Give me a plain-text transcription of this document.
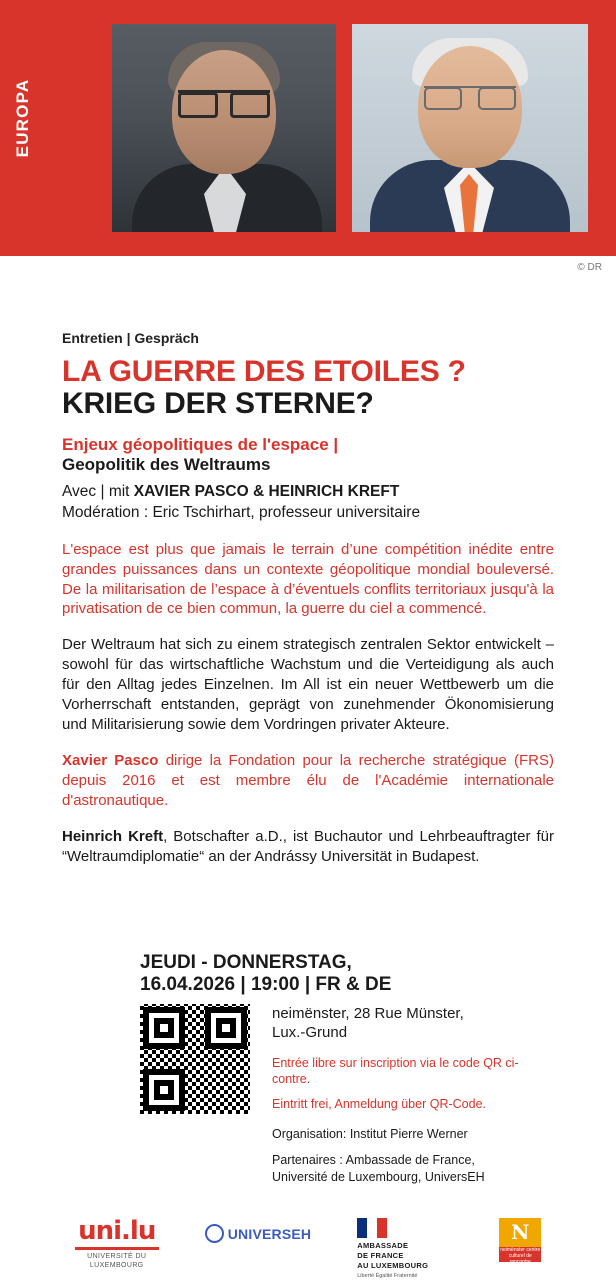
EUROPA
© DR
Entretien | Gespräch
LA GUERRE DES ETOILES ?
KRIEG DER STERNE?
Enjeux géopolitiques de l'espace |
Geopolitik des Weltraums
Avec | mit XAVIER PASCO & HEINRICH KREFT
Modération : Eric Tschirhart, professeur universitaire
L'espace est plus que jamais le terrain d’une compétition inédite entre grandes puissances dans un contexte géopolitique mondial bouleversé. De la militarisation de l’espace à d’éventuels conflits territoriaux jusqu'à la privatisation de ce bien commun, la guerre du ciel a commencé.
Der Weltraum hat sich zu einem strategisch zentralen Sektor entwickelt – sowohl für das wirtschaftliche Wachstum und die Verteidigung als auch für den Alltag jedes Einzelnen. Im All ist ein neuer Wettbewerb um die Vorherrschaft entstanden, geprägt von zunehmender Ökonomisierung und Militarisierung sowie dem Vordringen privater Akteure.
Xavier Pasco dirige la Fondation pour la recherche stratégique (FRS) depuis 2016 et est membre élu de l'Académie internationale d'astronautique.
Heinrich Kreft, Botschafter a.D., ist Buchautor und Lehrbeauftragter für “Weltraumdiplomatie“ an der Andrássy Universität in Budapest.
JEUDI - DONNERSTAG,
16.04.2026 | 19:00 | FR & DE
neimënster, 28 Rue Münster,
Lux.-Grund
Entrée libre sur inscription via le code QR ci-contre.
Eintritt frei, Anmeldung über QR-Code.
Organisation: Institut Pierre Werner
Partenaires : Ambassade de France, Université de Luxembourg, UniversEH
uni.lu
UNIVERSITÉ DU
LUXEMBOURG
UNIVERSEH
AMBASSADE
DE FRANCE
AU LUXEMBOURG
Liberté Égalité Fraternité
N
neimënster centre culturel de rencontre
